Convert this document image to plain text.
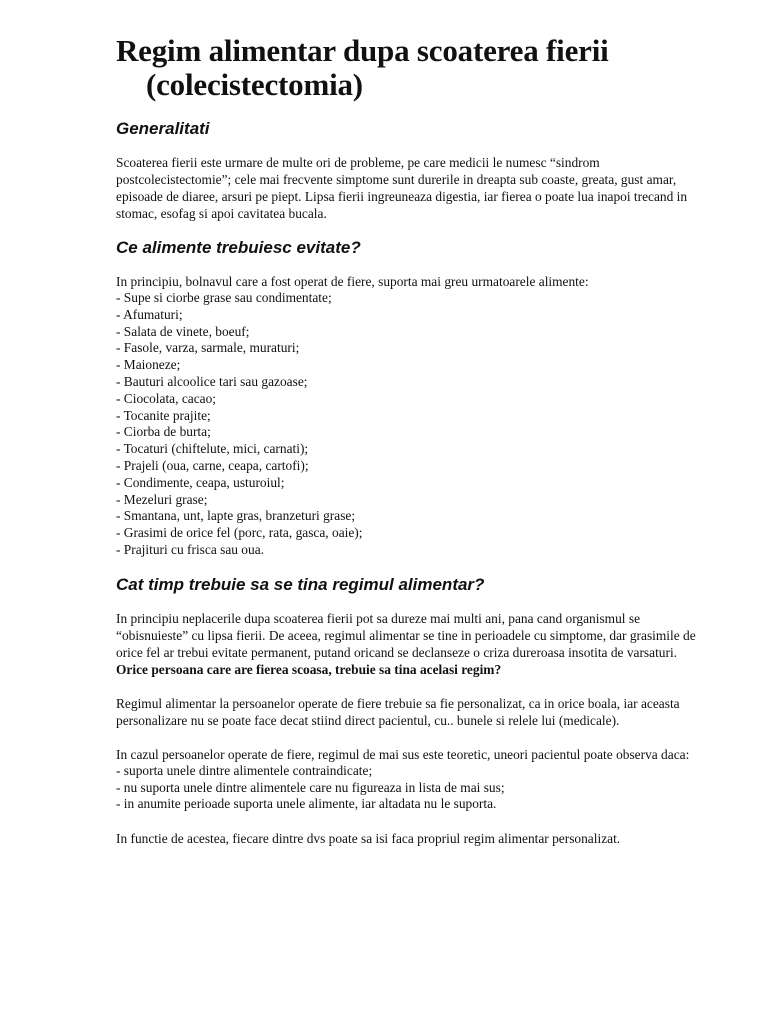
Regim alimentar dupa scoaterea fierii
(colecistectomia)
Generalitati

Scoaterea fierii este urmare de multe ori de probleme, pe care medicii le numesc “sindrom postcolecistectomie”; cele mai frecvente simptome sunt durerile in dreapta sub coaste, greata, gust amar, episoade de diaree, arsuri pe piept. Lipsa fierii ingreuneaza digestia, iar fierea o poate lua inapoi trecand in stomac, esofag si apoi cavitatea bucala.

Ce alimente trebuiesc evitate?

In principiu, bolnavul care a fost operat de fiere, suporta mai greu urmatoarele alimente:

- Supe si ciorbe grase sau condimentate;
- Afumaturi;
- Salata de vinete, boeuf;
- Fasole, varza, sarmale, muraturi;
- Maioneze;
- Bauturi alcoolice tari sau gazoase;
- Ciocolata, cacao;
- Tocanite prajite;
- Ciorba de burta;
- Tocaturi (chiftelute, mici, carnati);
- Prajeli (oua, carne, ceapa, cartofi);
- Condimente, ceapa, usturoiul;
- Mezeluri grase;
- Smantana, unt, lapte gras, branzeturi grase;
- Grasimi de orice fel (porc, rata, gasca, oaie);
- Prajituri cu frisca sau oua.
Cat timp trebuie sa se tina regimul alimentar?

In principiu neplacerile dupa scoaterea fierii pot sa dureze mai multi ani, pana cand organismul se “obisnuieste” cu lipsa fierii. De aceea, regimul alimentar se tine in perioadele cu simptome, dar grasimile de orice fel ar trebui evitate permanent, putand oricand se declanseze o criza dureroasa insotita de varsaturi.

Orice persoana care are fierea scoasa, trebuie sa tina acelasi regim?

Regimul alimentar la persoanelor operate de fiere trebuie sa fie personalizat, ca in orice boala, iar aceasta personalizare nu se poate face decat stiind direct pacientul, cu.. bunele si relele lui (medicale).

In cazul persoanelor operate de fiere, regimul de mai sus este teoretic, uneori pacientul poate observa daca:

- suporta unele dintre alimentele contraindicate;
- nu suporta unele dintre alimentele care nu figureaza in lista de mai sus;
- in anumite perioade suporta unele alimente, iar altadata nu le suporta.

In functie de acestea, fiecare dintre dvs poate sa isi faca propriul regim alimentar personalizat.
